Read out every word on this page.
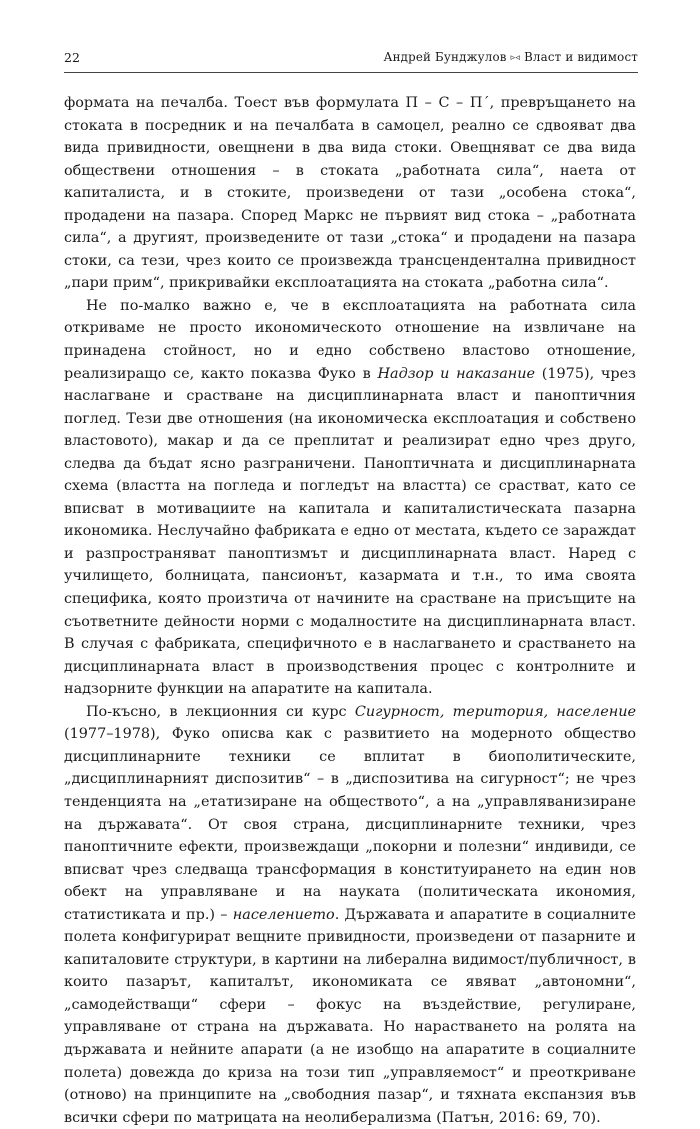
22	Андрей Бунджулов ▹◃ Власт и видимост

формата на печалба. Тоест във формулата П – С – П´, превръщането на стоката в посредник и на печалбата в самоцел, реално се сдвояват два вида привидности, овещнени в два вида стоки. Овещняват се два вида обществени отношения – в стоката „работната сила“, наета от капиталиста, и в стоките, произведени от тази „особена стока“, продадени на пазара. Според Маркс не първият вид стока – „работната сила“, а другият, произведените от тази „стока“ и продадени на пазара стоки, са тези, чрез които се произвежда трансцендентална привидност „пари прим“, прикривайки експлоатацията на стоката „работна сила“.

Не по-малко важно е, че в експлоатацията на работната сила откриваме не просто икономическото отношение на извличане на принадена стойност, но и едно собствено властово отношение, реализиращо се, както показва Фуко в Надзор и наказание (1975), чрез наслагване и срастване на дисциплинарната власт и паноптичния поглед. Тези две отношения (на икономическа експлоатация и собствено властовото), макар и да се преплитат и реализират едно чрез друго, следва да бъдат ясно разграничени. Паноптичната и дисциплинарната схема (властта на погледа и погледът на властта) се срастват, като се вписват в мотивациите на капитала и капиталистическата пазарна икономика. Неслучайно фабриката е едно от местата, където се зараждат и разпространяват паноптизмът и дисциплинарната власт. Наред с училището, болницата, пансионът, казармата и т.н., то има своята специфика, която произтича от начините на срастване на присъщите на съответните дейности норми с модалностите на дисциплинарната власт. В случая с фабриката, специфичното е в наслагването и срастването на дисциплинарната власт в производствения процес с контролните и надзорните функции на апаратите на капитала.

По-късно, в лекционния си курс Сигурност, територия, население (1977–1978), Фуко описва как с развитието на модерното общество дисциплинарните техники се вплитат в биополитическите, „дисциплинарният диспозитив“ – в „диспозитива на сигурност“; не чрез тенденцията на „етатизиране на обществото“, а на „управляванизиране на държавата“. От своя страна, дисциплинарните техники, чрез паноптичните ефекти, произвеждащи „покорни и полезни“ индивиди, се вписват чрез следваща трансформация в конституирането на един нов обект на управляване и на науката (политическата икономия, статистиката и пр.) – населението. Държавата и апаратите в социалните полета конфигурират вещните привидности, произведени от пазарните и капиталовите структури, в картини на либерална видимост/публичност, в които пазарът, капиталът, икономиката се явяват „автономни“, „самодействащи“ сфери – фокус на въздействие, регулиране, управляване от страна на държавата. Но нарастването на ролята на държавата и нейните апарати (а не изобщо на апаратите в социалните полета) довежда до криза на този тип „управляемост“ и преоткриване (отново) на принципите на „свободния пазар“, и тяхната експанзия във всички сфери по матрицата на неолиберализма (Патън, 2016: 69, 70).
